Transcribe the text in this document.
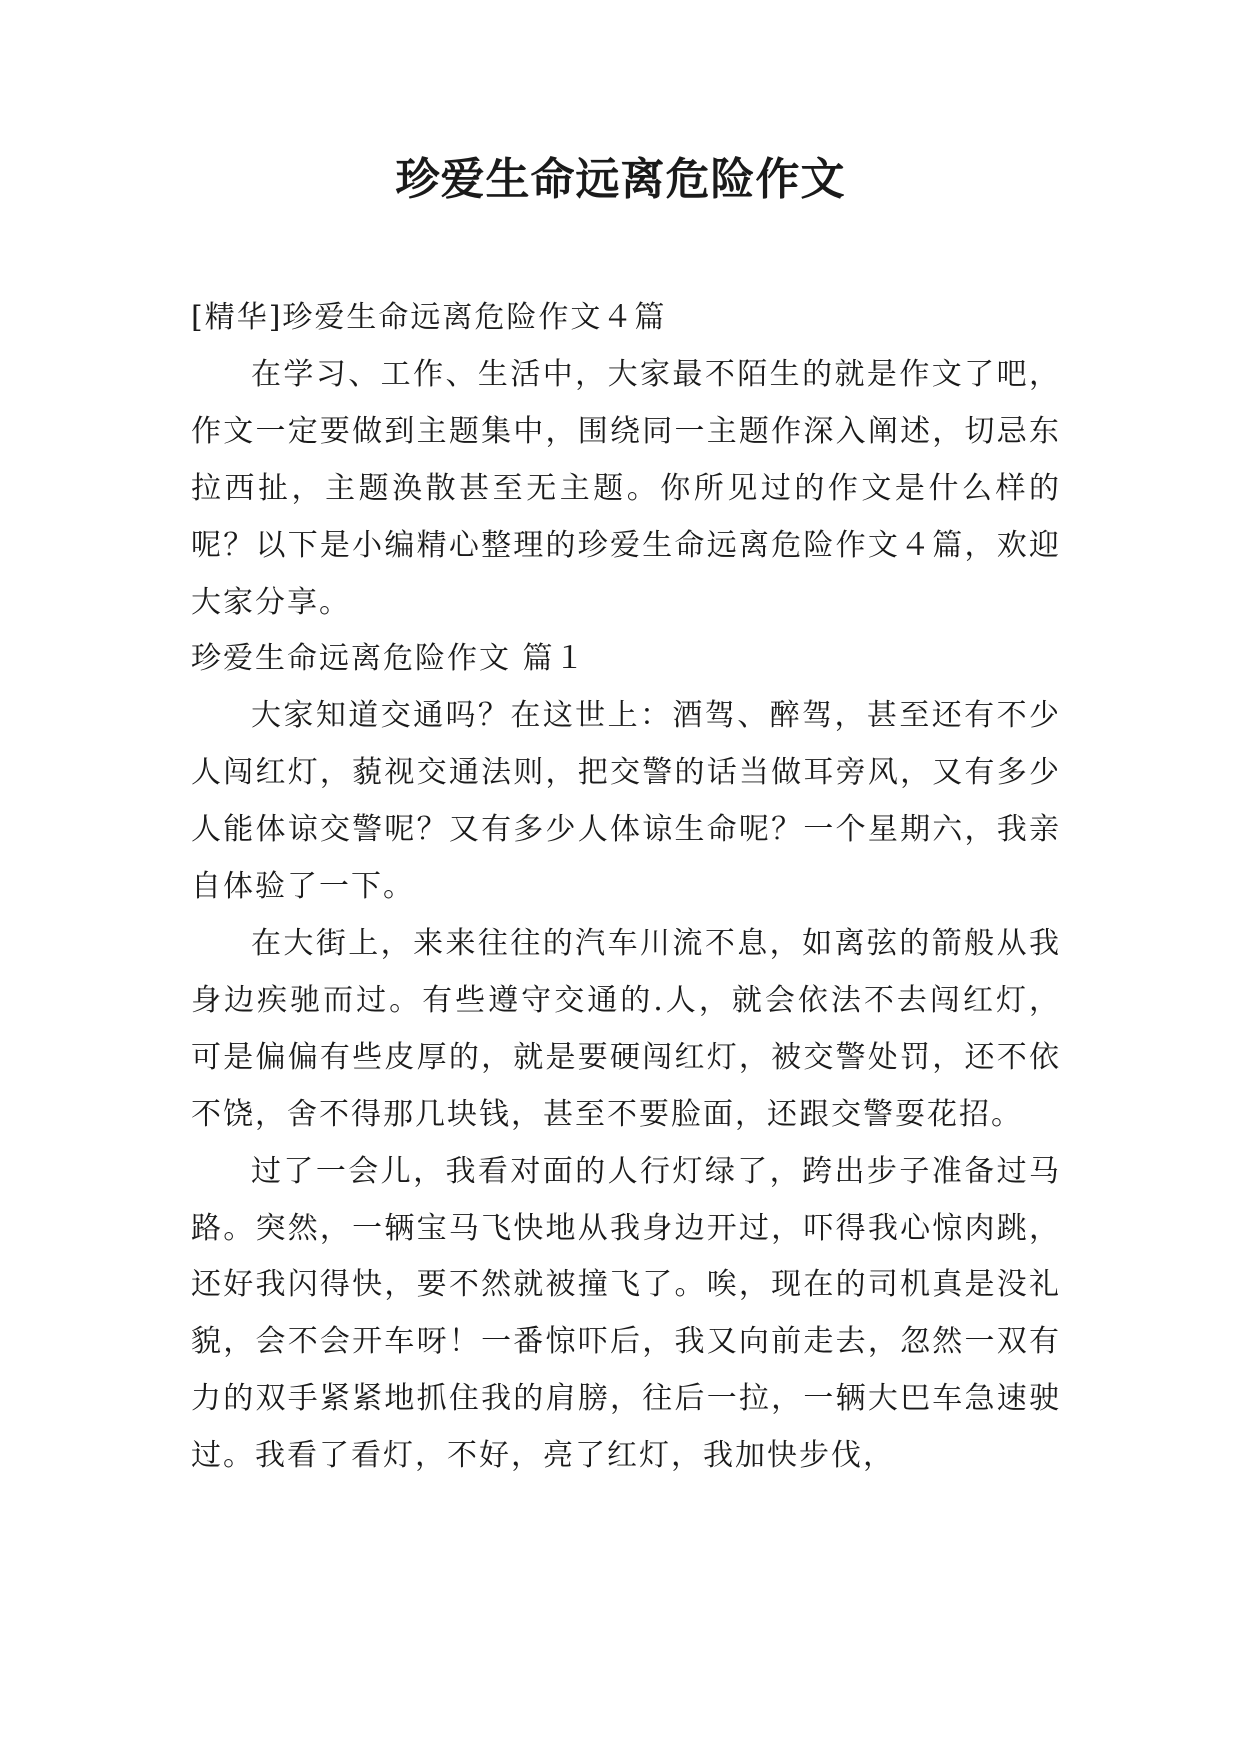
珍爱生命远离危险作文

[精华]珍爱生命远离危险作文４篇

在学习、工作、生活中，大家最不陌生的就是作文了吧，作文一定要做到主题集中，围绕同一主题作深入阐述，切忌东拉西扯，主题涣散甚至无主题。你所见过的作文是什么样的呢？以下是小编精心整理的珍爱生命远离危险作文４篇，欢迎大家分享。

珍爱生命远离危险作文 篇１

大家知道交通吗？在这世上：酒驾、醉驾，甚至还有不少人闯红灯，藐视交通法则，把交警的话当做耳旁风，又有多少人能体谅交警呢？又有多少人体谅生命呢？一个星期六，我亲自体验了一下。

在大街上，来来往往的汽车川流不息，如离弦的箭般从我身边疾驰而过。有些遵守交通的.人，就会依法不去闯红灯，可是偏偏有些皮厚的，就是要硬闯红灯，被交警处罚，还不依不饶，舍不得那几块钱，甚至不要脸面，还跟交警耍花招。

过了一会儿，我看对面的人行灯绿了，跨出步子准备过马路。突然，一辆宝马飞快地从我身边开过，吓得我心惊肉跳，还好我闪得快，要不然就被撞飞了。唉，现在的司机真是没礼貌，会不会开车呀！一番惊吓后，我又向前走去，忽然一双有力的双手紧紧地抓住我的肩膀，往后一拉，一辆大巴车急速驶过。我看了看灯，不好，亮了红灯，我加快步伐，
